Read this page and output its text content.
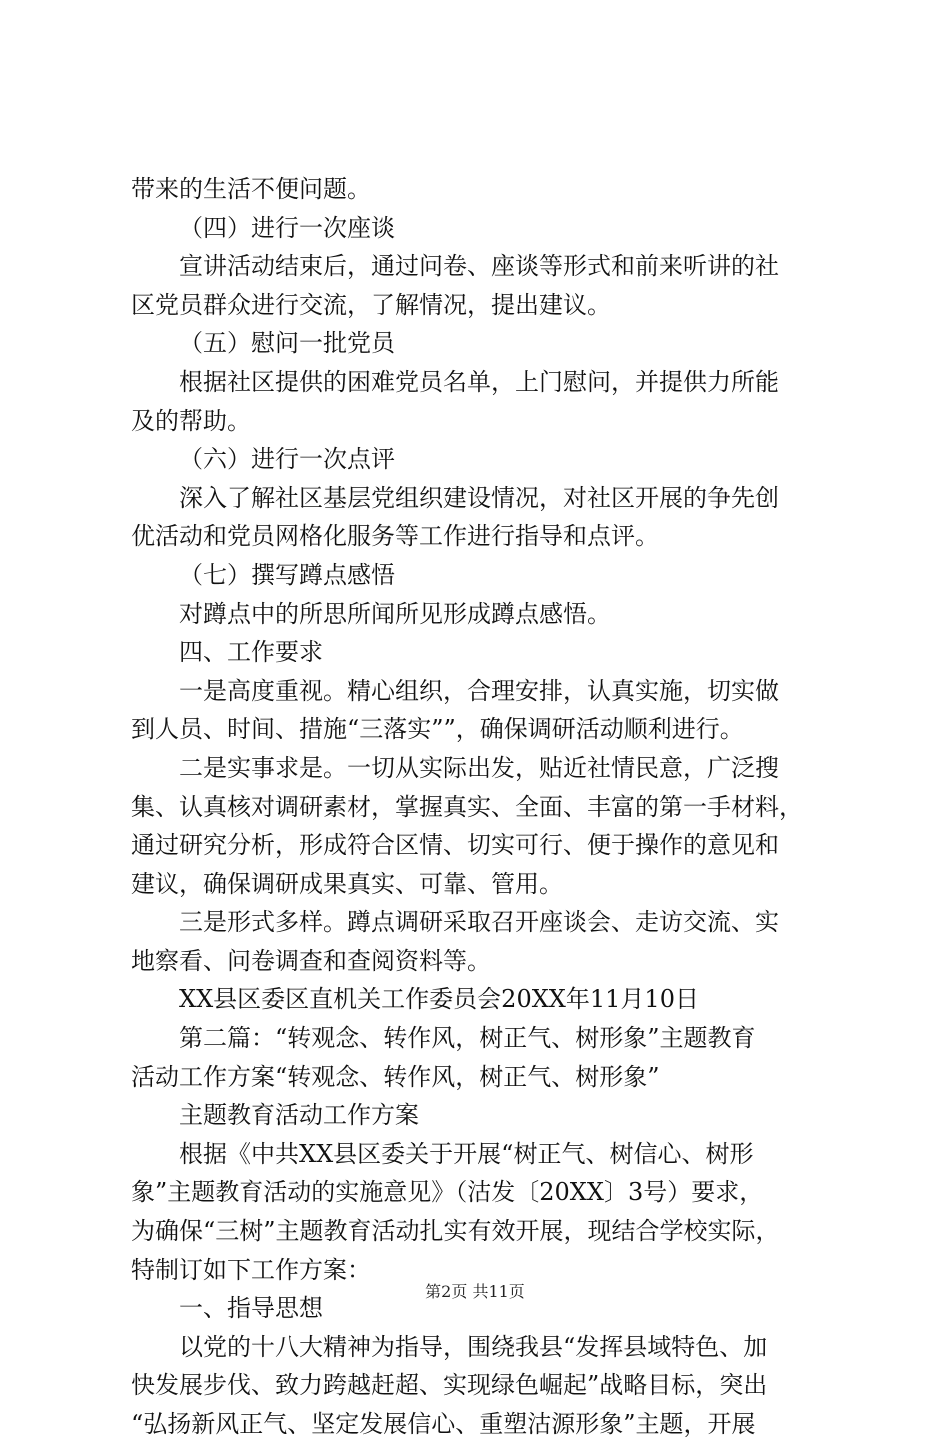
带来的生活不便问题。
（四）进行一次座谈
宣讲活动结束后，通过问卷、座谈等形式和前来听讲的社
区党员群众进行交流，了解情况，提出建议。
（五）慰问一批党员
根据社区提供的困难党员名单，上门慰问，并提供力所能
及的帮助。
（六）进行一次点评
深入了解社区基层党组织建设情况，对社区开展的争先创
优活动和党员网格化服务等工作进行指导和点评。
（七）撰写蹲点感悟
对蹲点中的所思所闻所见形成蹲点感悟。
四、工作要求
一是高度重视。精心组织，合理安排，认真实施，切实做
到人员、时间、措施“三落实””，确保调研活动顺利进行。
二是实事求是。一切从实际出发，贴近社情民意，广泛搜
集、认真核对调研素材，掌握真实、全面、丰富的第一手材料，
通过研究分析，形成符合区情、切实可行、便于操作的意见和
建议，确保调研成果真实、可靠、管用。
三是形式多样。蹲点调研采取召开座谈会、走访交流、实
地察看、问卷调查和查阅资料等。
XX县区委区直机关工作委员会20XX年11月10日
第二篇：“转观念、转作风，树正气、树形象”主题教育
活动工作方案“转观念、转作风，树正气、树形象”
主题教育活动工作方案
根据《中共XX县区委关于开展“树正气、树信心、树形
象”主题教育活动的实施意见》（沽发〔20XX〕3号）要求，
为确保“三树”主题教育活动扎实有效开展，现结合学校实际，
特制订如下工作方案：
一、指导思想
以党的十八大精神为指导，围绕我县“发挥县域特色、加
快发展步伐、致力跨越赶超、实现绿色崛起”战略目标，突出
“弘扬新风正气、坚定发展信心、重塑沽源形象”主题，开展
第2页 共11页
